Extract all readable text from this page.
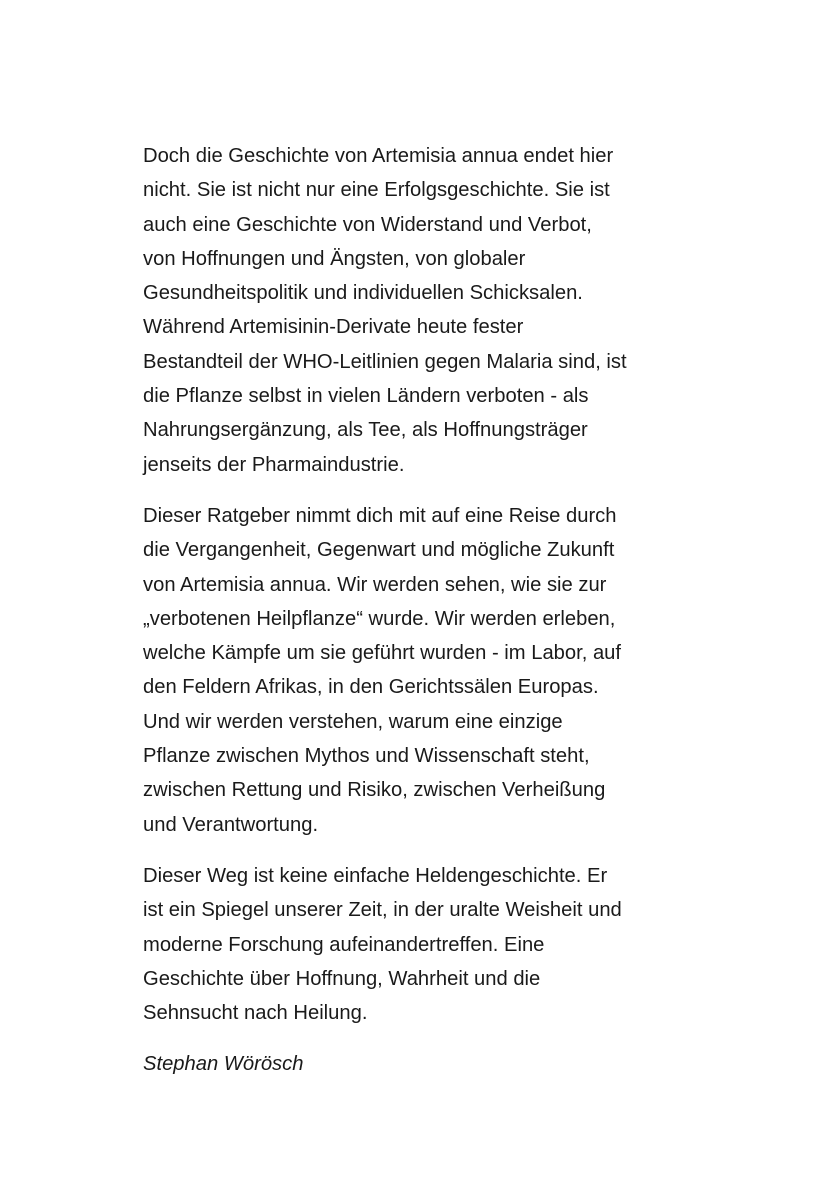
Doch die Geschichte von Artemisia annua endet hier
nicht. Sie ist nicht nur eine Erfolgsgeschichte. Sie ist
auch eine Geschichte von Widerstand und Verbot,
von Hoffnungen und Ängsten, von globaler
Gesundheitspolitik und individuellen Schicksalen.
Während Artemisinin-Derivate heute fester
Bestandteil der WHO-Leitlinien gegen Malaria sind, ist
die Pflanze selbst in vielen Ländern verboten - als
Nahrungsergänzung, als Tee, als Hoffnungsträger
jenseits der Pharmaindustrie.

Dieser Ratgeber nimmt dich mit auf eine Reise durch
die Vergangenheit, Gegenwart und mögliche Zukunft
von Artemisia annua. Wir werden sehen, wie sie zur
„verbotenen Heilpflanze“ wurde. Wir werden erleben,
welche Kämpfe um sie geführt wurden - im Labor, auf
den Feldern Afrikas, in den Gerichtssälen Europas.
Und wir werden verstehen, warum eine einzige
Pflanze zwischen Mythos und Wissenschaft steht,
zwischen Rettung und Risiko, zwischen Verheißung
und Verantwortung.

Dieser Weg ist keine einfache Heldengeschichte. Er
ist ein Spiegel unserer Zeit, in der uralte Weisheit und
moderne Forschung aufeinandertreffen. Eine
Geschichte über Hoffnung, Wahrheit und die
Sehnsucht nach Heilung.

Stephan Wörösch
